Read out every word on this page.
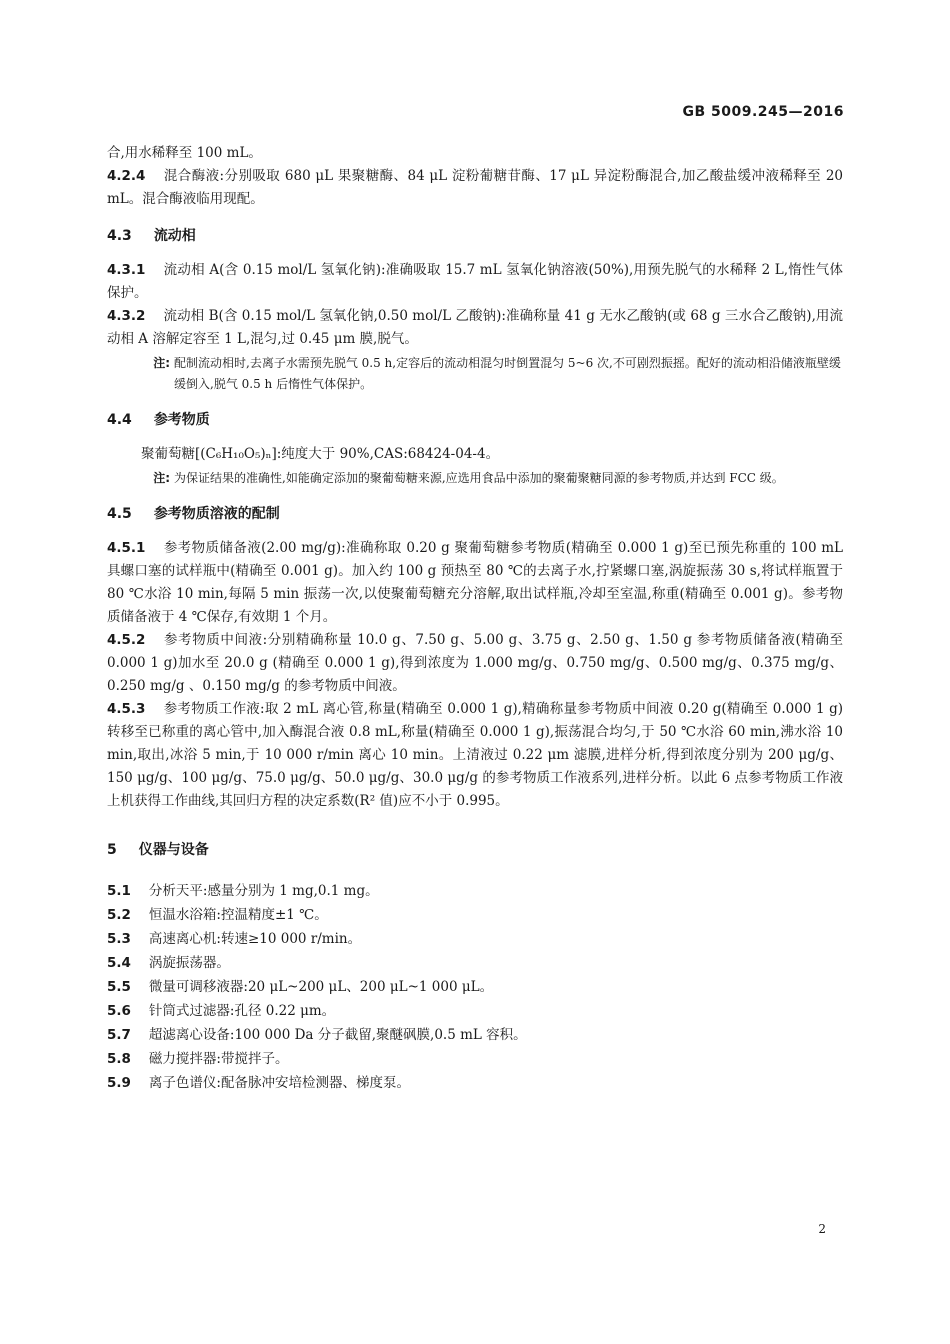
GB 5009.245—2016

合,用水稀释至 100 mL。

4.2.4 混合酶液:分别吸取 680 μL 果聚糖酶、84 μL 淀粉葡糖苷酶、17 μL 异淀粉酶混合,加乙酸盐缓冲液稀释至 20 mL。混合酶液临用现配。

4.3 流动相

4.3.1 流动相 A(含 0.15 mol/L 氢氧化钠):准确吸取 15.7 mL 氢氧化钠溶液(50%),用预先脱气的水稀释 2 L,惰性气体保护。

4.3.2 流动相 B(含 0.15 mol/L 氢氧化钠,0.50 mol/L 乙酸钠):准确称量 41 g 无水乙酸钠(或 68 g 三水合乙酸钠),用流动相 A 溶解定容至 1 L,混匀,过 0.45 μm 膜,脱气。

注: 配制流动相时,去离子水需预先脱气 0.5 h,定容后的流动相混匀时倒置混匀 5~6 次,不可剧烈振摇。配好的流动相沿储液瓶壁缓缓倒入,脱气 0.5 h 后惰性气体保护。
4.4 参考物质

聚葡萄糖[(C₆H₁₀O₅)ₙ]:纯度大于 90%,CAS:68424-04-4。

注: 为保证结果的准确性,如能确定添加的聚葡萄糖来源,应选用食品中添加的聚葡聚糖同源的参考物质,并达到 FCC 级。
4.5 参考物质溶液的配制

4.5.1 参考物质储备液(2.00 mg/g):准确称取 0.20 g 聚葡萄糖参考物质(精确至 0.000 1 g)至已预先称重的 100 mL 具螺口塞的试样瓶中(精确至 0.001 g)。加入约 100 g 预热至 80 ℃的去离子水,拧紧螺口塞,涡旋振荡 30 s,将试样瓶置于 80 ℃水浴 10 min,每隔 5 min 振荡一次,以使聚葡萄糖充分溶解,取出试样瓶,冷却至室温,称重(精确至 0.001 g)。参考物质储备液于 4 ℃保存,有效期 1 个月。

4.5.2 参考物质中间液:分别精确称量 10.0 g、7.50 g、5.00 g、3.75 g、2.50 g、1.50 g 参考物质储备液(精确至 0.000 1 g)加水至 20.0 g (精确至 0.000 1 g),得到浓度为 1.000 mg/g、0.750 mg/g、0.500 mg/g、0.375 mg/g、0.250 mg/g 、0.150 mg/g 的参考物质中间液。

4.5.3 参考物质工作液:取 2 mL 离心管,称量(精确至 0.000 1 g),精确称量参考物质中间液 0.20 g(精确至 0.000 1 g)转移至已称重的离心管中,加入酶混合液 0.8 mL,称量(精确至 0.000 1 g),振荡混合均匀,于 50 ℃水浴 60 min,沸水浴 10 min,取出,冰浴 5 min,于 10 000 r/min 离心 10 min。上清液过 0.22 μm 滤膜,进样分析,得到浓度分别为 200 μg/g、150 μg/g、100 μg/g、75.0 μg/g、50.0 μg/g、30.0 μg/g 的参考物质工作液系列,进样分析。以此 6 点参考物质工作液上机获得工作曲线,其回归方程的决定系数(R² 值)应不小于 0.995。

5 仪器与设备

5.1 分析天平:感量分别为 1 mg,0.1 mg。

5.2 恒温水浴箱:控温精度±1 ℃。

5.3 高速离心机:转速≥10 000 r/min。

5.4 涡旋振荡器。

5.5 微量可调移液器:20 μL~200 μL、200 μL~1 000 μL。

5.6 针筒式过滤器:孔径 0.22 μm。

5.7 超滤离心设备:100 000 Da 分子截留,聚醚砜膜,0.5 mL 容积。

5.8 磁力搅拌器:带搅拌子。

5.9 离子色谱仪:配备脉冲安培检测器、梯度泵。

2
